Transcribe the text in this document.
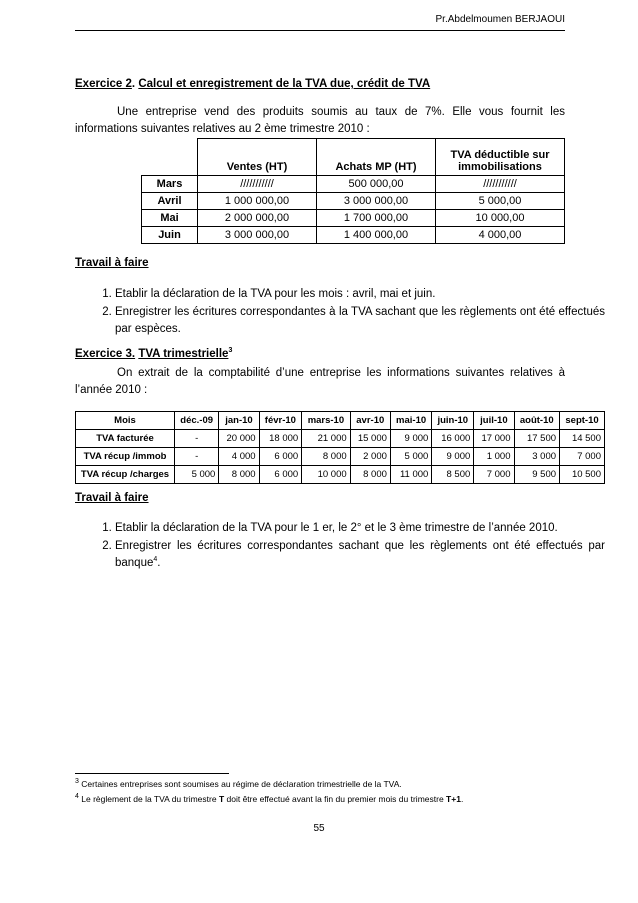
Pr.Abdelmoumen BERJAOUI
Exercice 2. Calcul et enregistrement de la TVA due, crédit de TVA
Une entreprise vend des produits soumis au taux de 7%. Elle vous fournit les informations suivantes relatives au 2 ème trimestre 2010 :
	Ventes (HT)	Achats MP (HT)	TVA déductible sur immobilisations
Mars	///////////	500 000,00	///////////
Avril	1 000 000,00	3 000 000,00	5 000,00
Mai	2 000 000,00	1 700 000,00	10 000,00
Juin	3 000 000,00	1 400 000,00	4 000,00
Travail à faire
1. Etablir la déclaration de la TVA pour les mois : avril, mai et juin.
2. Enregistrer les écritures correspondantes à la TVA sachant que les règlements ont été effectués par espèces.
Exercice 3. TVA trimestrielle$^3$
On extrait de la comptabilité d’une entreprise les informations suivantes relatives à l’année 2010 :
Mois	déc.-09	jan-10	févr-10	mars-10	avr-10	mai-10	juin-10	juil-10	août-10	sept-10
TVA facturée	-	20 000	18 000	21 000	15 000	9 000	16 000	17 000	17 500	14 500
TVA récup /immob	-	4 000	6 000	8 000	2 000	5 000	9 000	1 000	3 000	7 000
TVA récup /charges	5 000	8 000	6 000	10 000	8 000	11 000	8 500	7 000	9 500	10 500
Travail à faire
1. Etablir la déclaration de la TVA pour le 1 er, le 2° et le 3 ème trimestre de l’année 2010.
2. Enregistrer les écritures correspondantes sachant que les règlements ont été effectués par banque$^4$.
$^3$ Certaines entreprises sont soumises au régime de déclaration trimestrielle de la TVA.
$^4$ Le règlement de la TVA du trimestre T doit être effectué avant la fin du premier mois du trimestre T+1.
55
